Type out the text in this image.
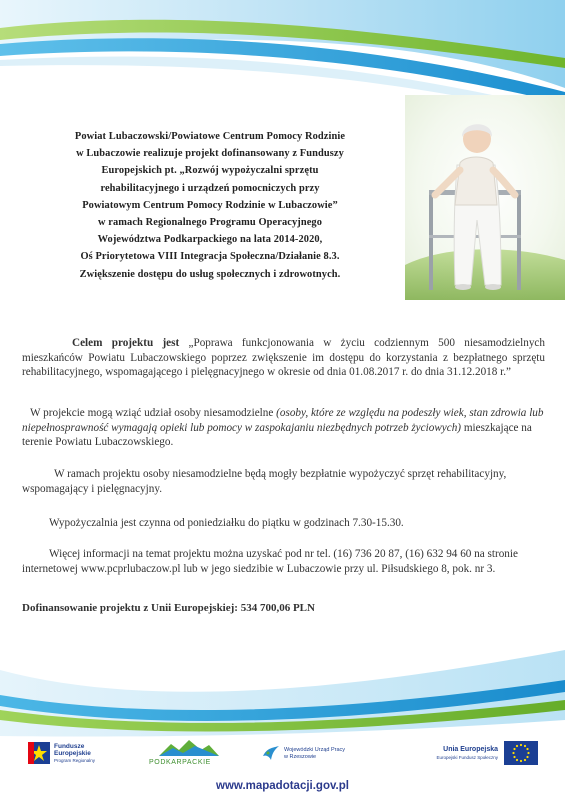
Powiat Lubaczowski/Powiatowe Centrum Pomocy Rodzinie
w Lubaczowie realizuje projekt dofinansowany z Funduszy
Europejskich pt. „Rozwój wypożyczalni sprzętu
rehabilitacyjnego i urządzeń pomocniczych przy
Powiatowym Centrum Pomocy Rodzinie w Lubaczowie”
w ramach Regionalnego Programu Operacyjnego
Województwa Podkarpackiego na lata 2014-2020,
Oś Priorytetowa VIII Integracja Społeczna/Działanie 8.3.
Zwiększenie dostępu do usług społecznych i zdrowotnych.
Celem projektu jest „Poprawa funkcjonowania w życiu codziennym 500 niesamodzielnych mieszkańców Powiatu Lubaczowskiego poprzez zwiększenie im dostępu do korzystania z bezpłatnego sprzętu rehabilitacyjnego, wspomagającego i pielęgnacyjnego w okresie od dnia 01.08.2017 r. do dnia 31.12.2018 r.”
W projekcie mogą wziąć udział osoby niesamodzielne (osoby, które ze względu na podeszły wiek, stan zdrowia lub niepełnosprawność wymagają opieki lub pomocy w zaspokajaniu niezbędnych potrzeb życiowych) mieszkające na terenie Powiatu Lubaczowskiego.
W ramach projektu osoby niesamodzielne będą mogły bezpłatnie wypożyczyć sprzęt rehabilitacyjny, wspomagający i pielęgnacyjny.
Wypożyczalnia jest czynna od poniedziałku do piątku w godzinach 7.30-15.30.
Więcej informacji na temat projektu można uzyskać pod nr tel. (16) 736 20 87, (16) 632 94 60 na stronie internetowej www.pcprlubaczow.pl lub w jego siedzibie w Lubaczowie przy ul. Piłsudskiego 8, pok. nr 3.
Dofinansowanie projektu z Unii Europejskiej: 534 700,06 PLN
Fundusze
Europejskie
Program Regionalny	PODKARPACKIE
Wojewódzki Urząd Pracy
w Rzeszowie
Unia Europejska
Europejski Fundusz Społeczny
www.mapadotacji.gov.pl
